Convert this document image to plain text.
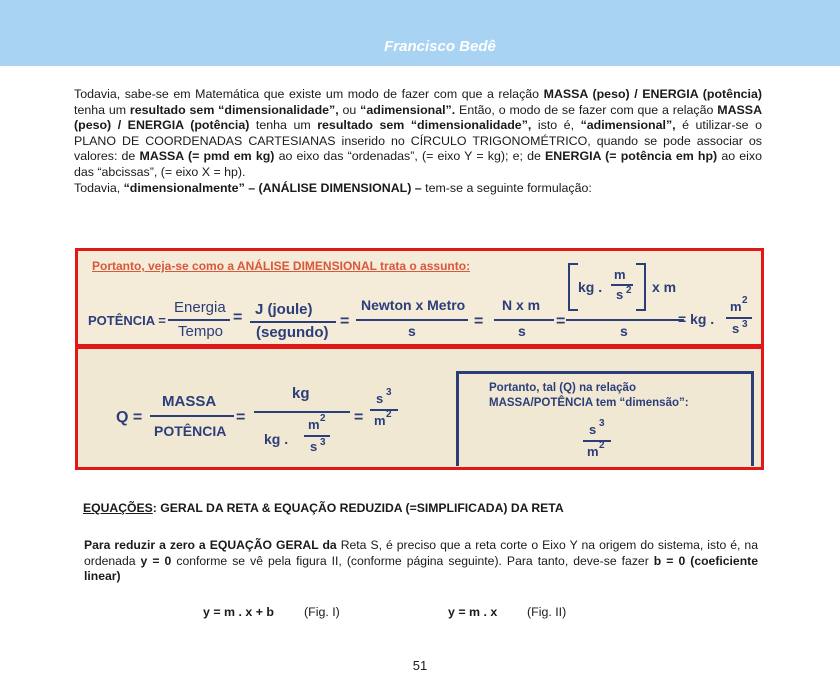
Francisco Bedê
Todavia, sabe-se em Matemática que existe um modo de fazer com que a relação MASSA (peso) / ENERGIA (potência) tenha um resultado sem “dimensionalidade”, ou “adimensional”. Então, o modo de se fazer com que a relação MASSA (peso) / ENERGIA (potência) tenha um resultado sem “dimensionalidade”, isto é, “adimensional”, é utilizar-se o PLANO DE COORDENADAS CARTESIANAS inserido no CÍRCULO TRIGONOMÉTRICO, quando se pode associar os valores: de MASSA (= pmd em kg) ao eixo das “ordenadas”, (= eixo Y = kg); e; de ENERGIA (= potência em hp) ao eixo das “abcissas”, (= eixo X = hp).
Todavia, “dimensionalmente” – (ANÁLISE DIMENSIONAL) – tem-se a seguinte formulação:
Portanto, veja-se como a ANÁLISE DIMENSIONAL trata o assunto:
POTÊNCIA =
Energia
Tempo
= J (joule)
(segundo)
=
Newton x Metro
s
=
N x m
s
=
kg .
m
s 2 x m
s
= kg .
m 2
s 3
Q =
MASSA
POTÊNCIA
=
kg
kg .
m 2
s 3
=
s 3
m 2
Portanto, tal (Q) na relação
MASSA/POTÊNCIA tem “dimensão”:
s 3
m 2
EQUAÇÕES: GERAL DA RETA & EQUAÇÃO REDUZIDA (=SIMPLIFICADA) DA RETA
Para reduzir a zero a EQUAÇÃO GERAL da Reta S, é preciso que a reta corte o Eixo Y na origem do sistema, isto é, na ordenada y = 0 conforme se vê pela figura II, (conforme página seguinte). Para tanto, deve-se fazer b = 0 (coeficiente linear)
y = m . x + b (Fig. I)	y = m . x (Fig. II)
51
